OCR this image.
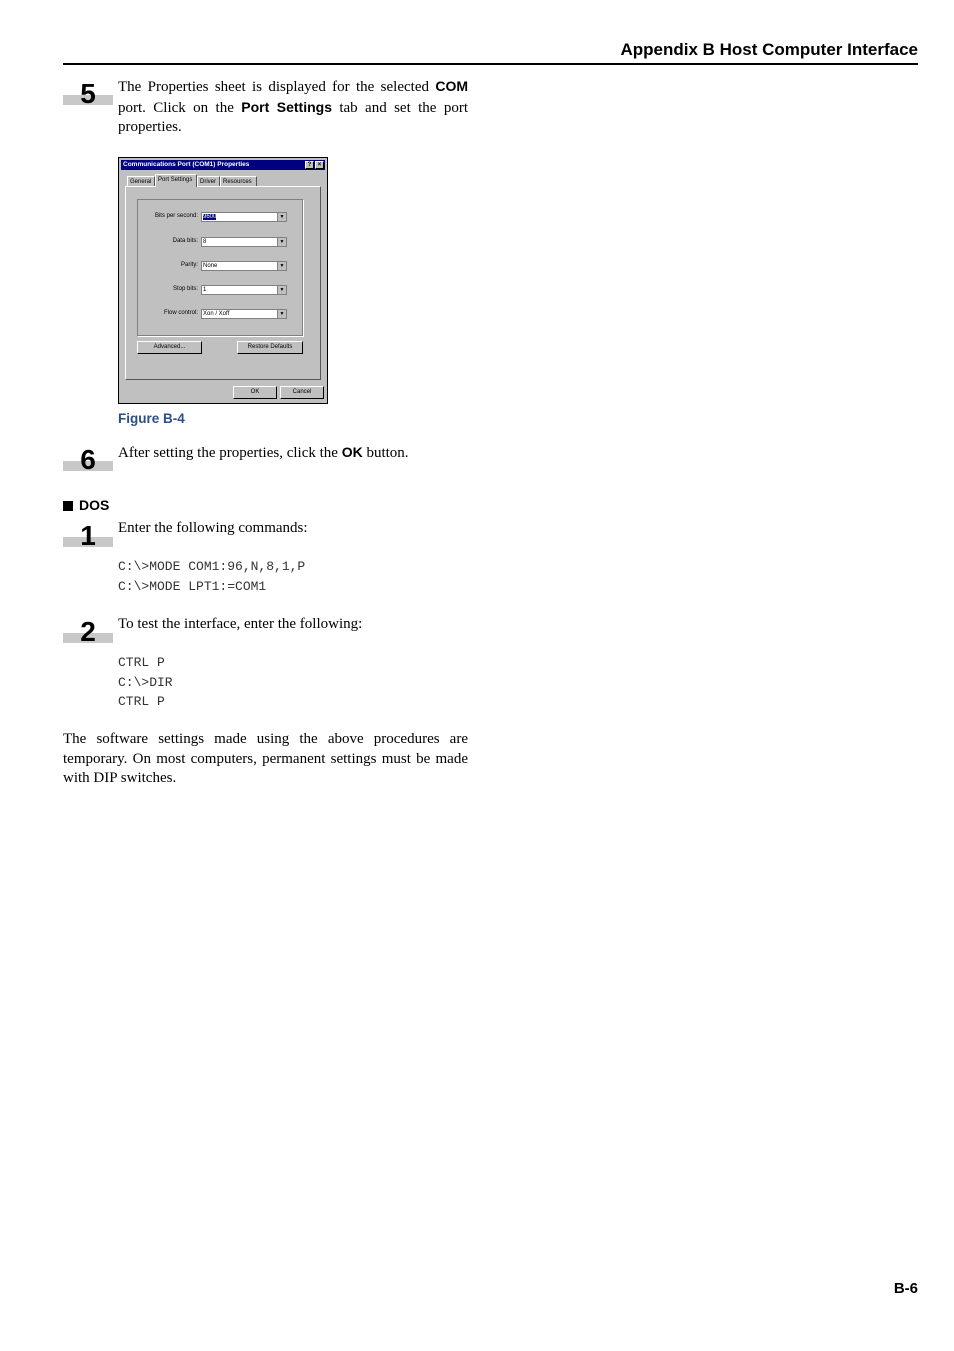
Appendix B Host Computer Interface
5	The Properties sheet is displayed for the selected COM port. Click on the Port Settings tab and set the port properties.
Communications Port (COM1) Properties	?	×
General	Port Settings	Driver	Resources
Bits per second: 9600	▼
Data bits: 8	▼
Parity: None	▼
Stop bits: 1	▼
Flow control: Xon / Xoff	▼
Advanced...	Restore Defaults
OK	Cancel
Figure B-4
6	After setting the properties, click the OK button.
DOS
1	Enter the following commands:
C:\>MODE COM1:96,N,8,1,P
C:\>MODE LPT1:=COM1
2	To test the interface, enter the following:
CTRL P
C:\>DIR
CTRL P
The software settings made using the above procedures are temporary. On most computers, permanent settings must be made with DIP switches.
B-6
